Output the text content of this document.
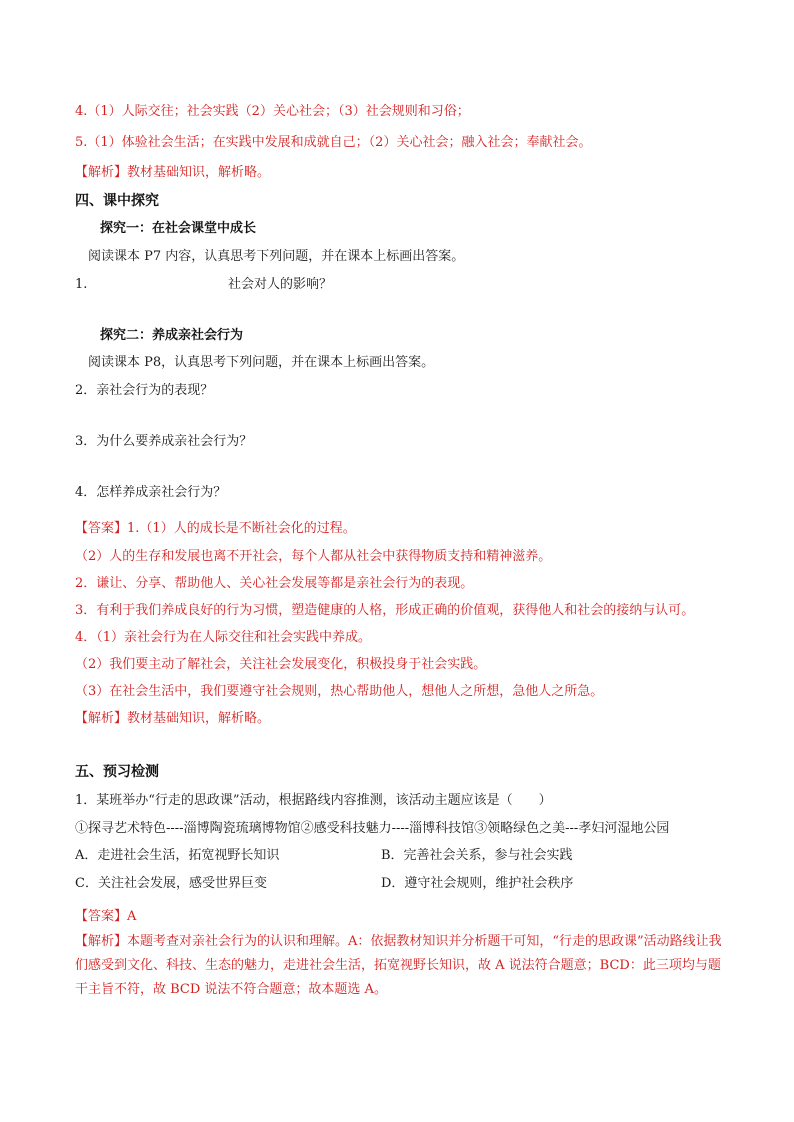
4.（1）人际交往；社会实践（2）关心社会；（3）社会规则和习俗；
5.（1）体验社会生活；在实践中发展和成就自己；（2）关心社会；融入社会；奉献社会。
【解析】教材基础知识，解析略。
四、课中探究
探究一：在社会课堂中成长
阅读课本 P7 内容，认真思考下列问题，并在课本上标画出答案。
1.	社会对人的影响？
探究二：养成亲社会行为
阅读课本 P8，认真思考下列问题，并在课本上标画出答案。
2．亲社会行为的表现？
3．为什么要养成亲社会行为？
4．怎样养成亲社会行为？
【答案】1.（1）人的成长是不断社会化的过程。
（2）人的生存和发展也离不开社会，每个人都从社会中获得物质支持和精神滋养。
2．谦让、分享、帮助他人、关心社会发展等都是亲社会行为的表现。
3．有利于我们养成良好的行为习惯，塑造健康的人格，形成正确的价值观，获得他人和社会的接纳与认可。
4．（1）亲社会行为在人际交往和社会实践中养成。
（2）我们要主动了解社会，关注社会发展变化，积极投身于社会实践。
（3）在社会生活中，我们要遵守社会规则，热心帮助他人，想他人之所想，急他人之所急。
【解析】教材基础知识，解析略。
五、预习检测
1．某班举办“行走的思政课”活动，根据路线内容推测，该活动主题应该是（　　）
①探寻艺术特色----淄博陶瓷琉璃博物馆②感受科技魅力----淄博科技馆③领略绿色之美---孝妇河湿地公园
A．走进社会生活，拓宽视野长知识	B．完善社会关系，参与社会实践
C．关注社会发展，感受世界巨变	D．遵守社会规则，维护社会秩序
【答案】A
【解析】本题考查对亲社会行为的认识和理解。A：依据教材知识并分析题干可知，“行走的思政课”活动路线让我们感受到文化、科技、生态的魅力，走进社会生活，拓宽视野长知识，故 A 说法符合题意；BCD：此三项均与题干主旨不符，故 BCD 说法不符合题意；故本题选 A。
